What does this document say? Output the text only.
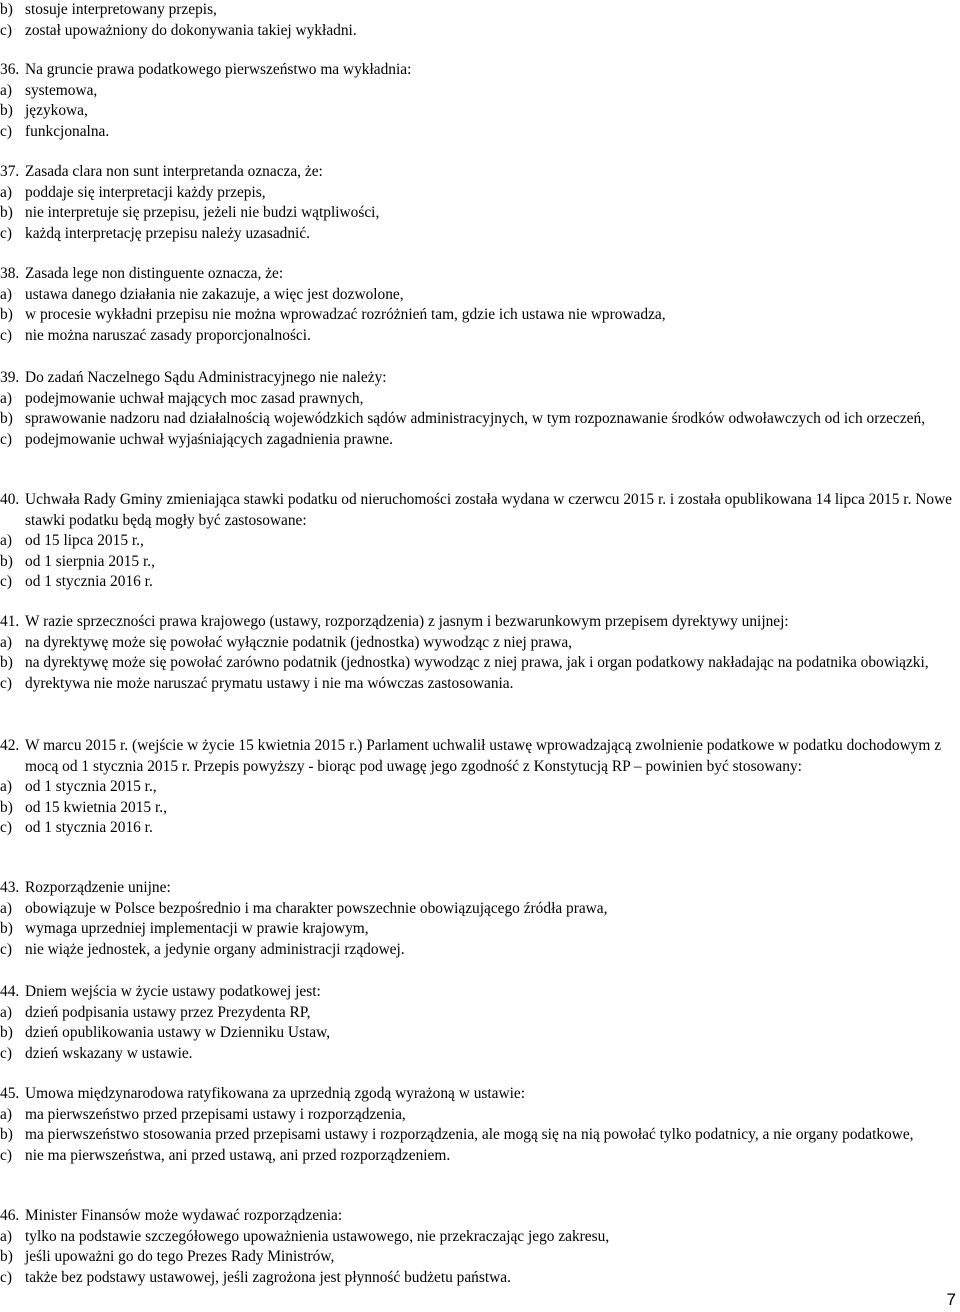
b) stosuje interpretowany przepis,
c) został upoważniony do dokonywania takiej wykładni.
36. Na gruncie prawa podatkowego pierwszeństwo ma wykładnia:
a) systemowa,
b) językowa,
c) funkcjonalna.
37. Zasada clara non sunt interpretanda oznacza, że:
a) poddaje się interpretacji każdy przepis,
b) nie interpretuje się przepisu, jeżeli nie budzi wątpliwości,
c) każdą interpretację przepisu należy uzasadnić.
38. Zasada lege non distinguente oznacza, że:
a) ustawa danego działania nie zakazuje, a więc jest dozwolone,
b) w procesie wykładni przepisu nie można wprowadzać rozróżnień tam, gdzie ich ustawa nie wprowadza,
c) nie można naruszać zasady proporcjonalności.
39. Do zadań Naczelnego Sądu Administracyjnego nie należy:
a) podejmowanie uchwał mających moc zasad prawnych,
b) sprawowanie nadzoru nad działalnością wojewódzkich sądów administracyjnych, w tym rozpoznawanie środków odwoławczych od ich orzeczeń,
c) podejmowanie uchwał wyjaśniających zagadnienia prawne.
40. Uchwała Rady Gminy zmieniająca stawki podatku od nieruchomości została wydana w czerwcu 2015 r. i została opublikowana 14 lipca 2015 r. Nowe stawki podatku będą mogły być zastosowane:
a) od 15 lipca 2015 r.,
b) od 1 sierpnia 2015 r.,
c) od 1 stycznia 2016 r.
41. W razie sprzeczności prawa krajowego (ustawy, rozporządzenia) z jasnym i bezwarunkowym przepisem dyrektywy unijnej:
a) na dyrektywę może się powołać wyłącznie podatnik (jednostka) wywodząc z niej prawa,
b) na dyrektywę może się powołać zarówno podatnik (jednostka) wywodząc z niej prawa, jak i organ podatkowy nakładając na podatnika obowiązki,
c) dyrektywa nie może naruszać prymatu ustawy i nie ma wówczas zastosowania.
42. W marcu 2015 r. (wejście w życie 15 kwietnia 2015 r.) Parlament uchwalił ustawę wprowadzającą zwolnienie podatkowe w podatku dochodowym z mocą od 1 stycznia 2015 r. Przepis powyższy - biorąc pod uwagę jego zgodność z Konstytucją RP – powinien być stosowany:
a) od 1 stycznia 2015 r.,
b) od 15 kwietnia 2015 r.,
c) od 1 stycznia 2016 r.
43. Rozporządzenie unijne:
a) obowiązuje w Polsce bezpośrednio i ma charakter powszechnie obowiązującego źródła prawa,
b) wymaga uprzedniej implementacji w prawie krajowym,
c) nie wiąże jednostek, a jedynie organy administracji rządowej.
44. Dniem wejścia w życie ustawy podatkowej jest:
a) dzień podpisania ustawy przez Prezydenta RP,
b) dzień opublikowania ustawy w Dzienniku Ustaw,
c) dzień wskazany w ustawie.
45. Umowa międzynarodowa ratyfikowana za uprzednią zgodą wyrażoną w ustawie:
a) ma pierwszeństwo przed przepisami ustawy i rozporządzenia,
b) ma pierwszeństwo stosowania przed przepisami ustawy i rozporządzenia, ale mogą się na nią powołać tylko podatnicy, a nie organy podatkowe,
c) nie ma pierwszeństwa, ani przed ustawą, ani przed rozporządzeniem.
46. Minister Finansów może wydawać rozporządzenia:
a) tylko na podstawie szczegółowego upoważnienia ustawowego, nie przekraczając jego zakresu,
b) jeśli upoważni go do tego Prezes Rady Ministrów,
c) także bez podstawy ustawowej, jeśli zagrożona jest płynność budżetu państwa.
7
